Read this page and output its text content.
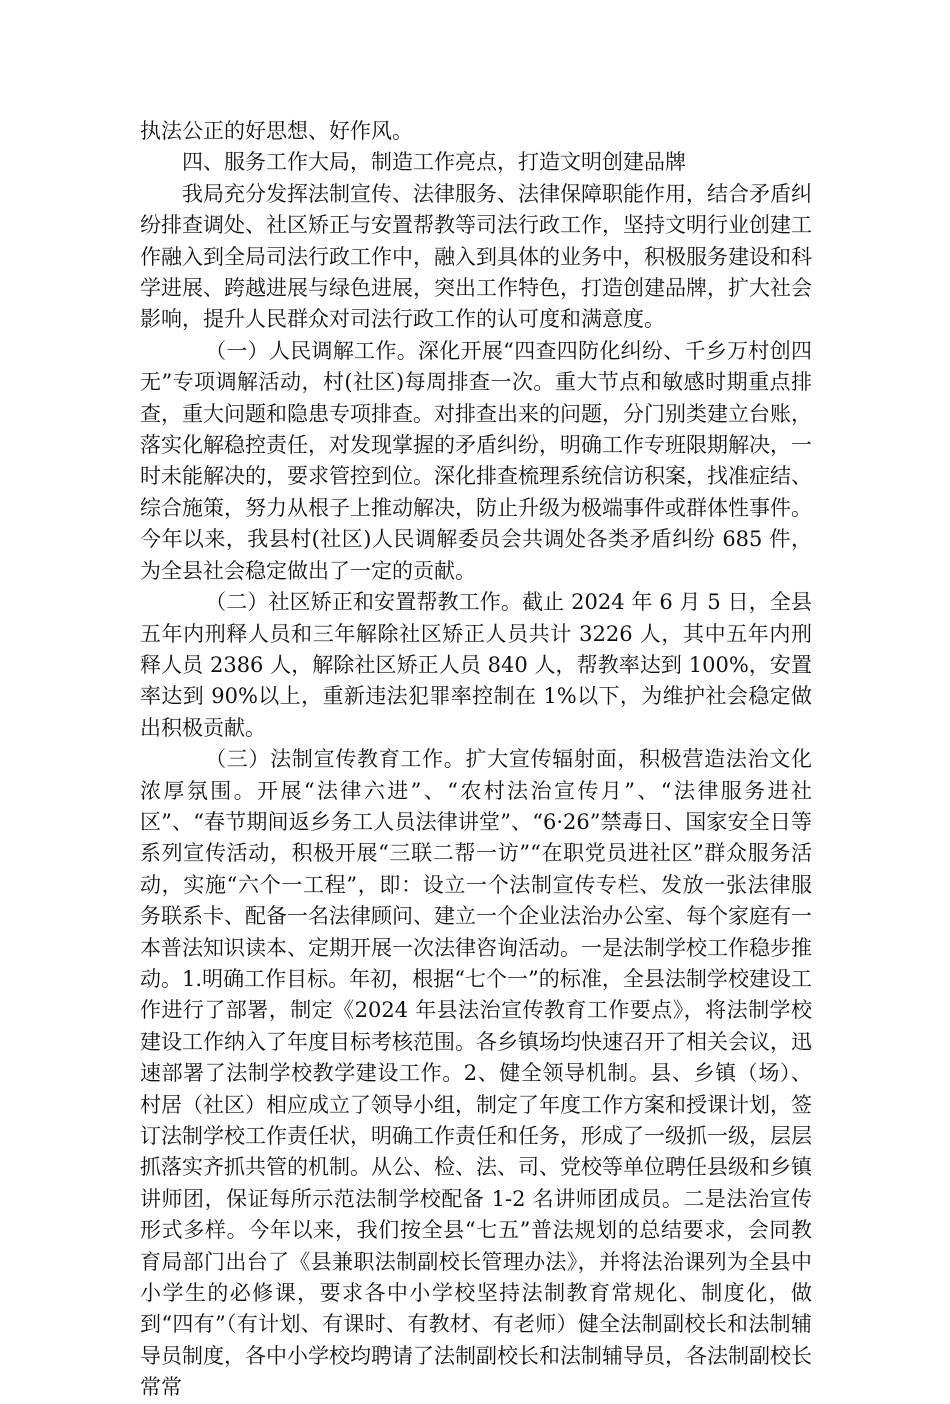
执法公正的好思想、好作风。

四、服务工作大局，制造工作亮点，打造文明创建品牌

我局充分发挥法制宣传、法律服务、法律保障职能作用，结合矛盾纠纷排查调处、社区矫正与安置帮教等司法行政工作，坚持文明行业创建工作融入到全局司法行政工作中，融入到具体的业务中，积极服务建设和科学进展、跨越进展与绿色进展，突出工作特色，打造创建品牌，扩大社会影响，提升人民群众对司法行政工作的认可度和满意度。

（一）人民调解工作。深化开展“四查四防化纠纷、千乡万村创四无”专项调解活动，村(社区)每周排查一次。重大节点和敏感时期重点排查，重大问题和隐患专项排查。对排查出来的问题，分门别类建立台账，落实化解稳控责任，对发现掌握的矛盾纠纷，明确工作专班限期解决，一时未能解决的，要求管控到位。深化排查梳理系统信访积案，找准症结、综合施策，努力从根子上推动解决，防止升级为极端事件或群体性事件。今年以来，我县村(社区)人民调解委员会共调处各类矛盾纠纷 685 件，为全县社会稳定做出了一定的贡献。

（二）社区矫正和安置帮教工作。截止 2024 年 6 月 5 日，全县五年内刑释人员和三年解除社区矫正人员共计 3226 人，其中五年内刑释人员 2386 人，解除社区矫正人员 840 人，帮教率达到 100%，安置率达到 90%以上，重新违法犯罪率控制在 1%以下，为维护社会稳定做出积极贡献。

（三）法制宣传教育工作。扩大宣传辐射面，积极营造法治文化浓厚氛围。开展“法律六进”、“农村法治宣传月”、“法律服务进社区”、“春节期间返乡务工人员法律讲堂”、“6·26”禁毒日、国家安全日等系列宣传活动，积极开展“三联二帮一访”“在职党员进社区”群众服务活动，实施“六个一工程”，即：设立一个法制宣传专栏、发放一张法律服务联系卡、配备一名法律顾问、建立一个企业法治办公室、每个家庭有一本普法知识读本、定期开展一次法律咨询活动。一是法制学校工作稳步推动。1.明确工作目标。年初，根据“七个一”的标准，全县法制学校建设工作进行了部署，制定《2024 年县法治宣传教育工作要点》，将法制学校建设工作纳入了年度目标考核范围。各乡镇场均快速召开了相关会议，迅速部署了法制学校教学建设工作。2、健全领导机制。县、乡镇（场）、村居（社区）相应成立了领导小组，制定了年度工作方案和授课计划，签订法制学校工作责任状，明确工作责任和任务，形成了一级抓一级，层层抓落实齐抓共管的机制。从公、检、法、司、党校等单位聘任县级和乡镇讲师团，保证每所示范法制学校配备 1-2 名讲师团成员。二是法治宣传形式多样。今年以来，我们按全县“七五”普法规划的总结要求，会同教育局部门出台了《县兼职法制副校长管理办法》，并将法治课列为全县中小学生的必修课，要求各中小学校坚持法制教育常规化、制度化，做到“四有”（有计划、有课时、有教材、有老师）健全法制副校长和法制辅导员制度，各中小学校均聘请了法制副校长和法制辅导员，各法制副校长常常
